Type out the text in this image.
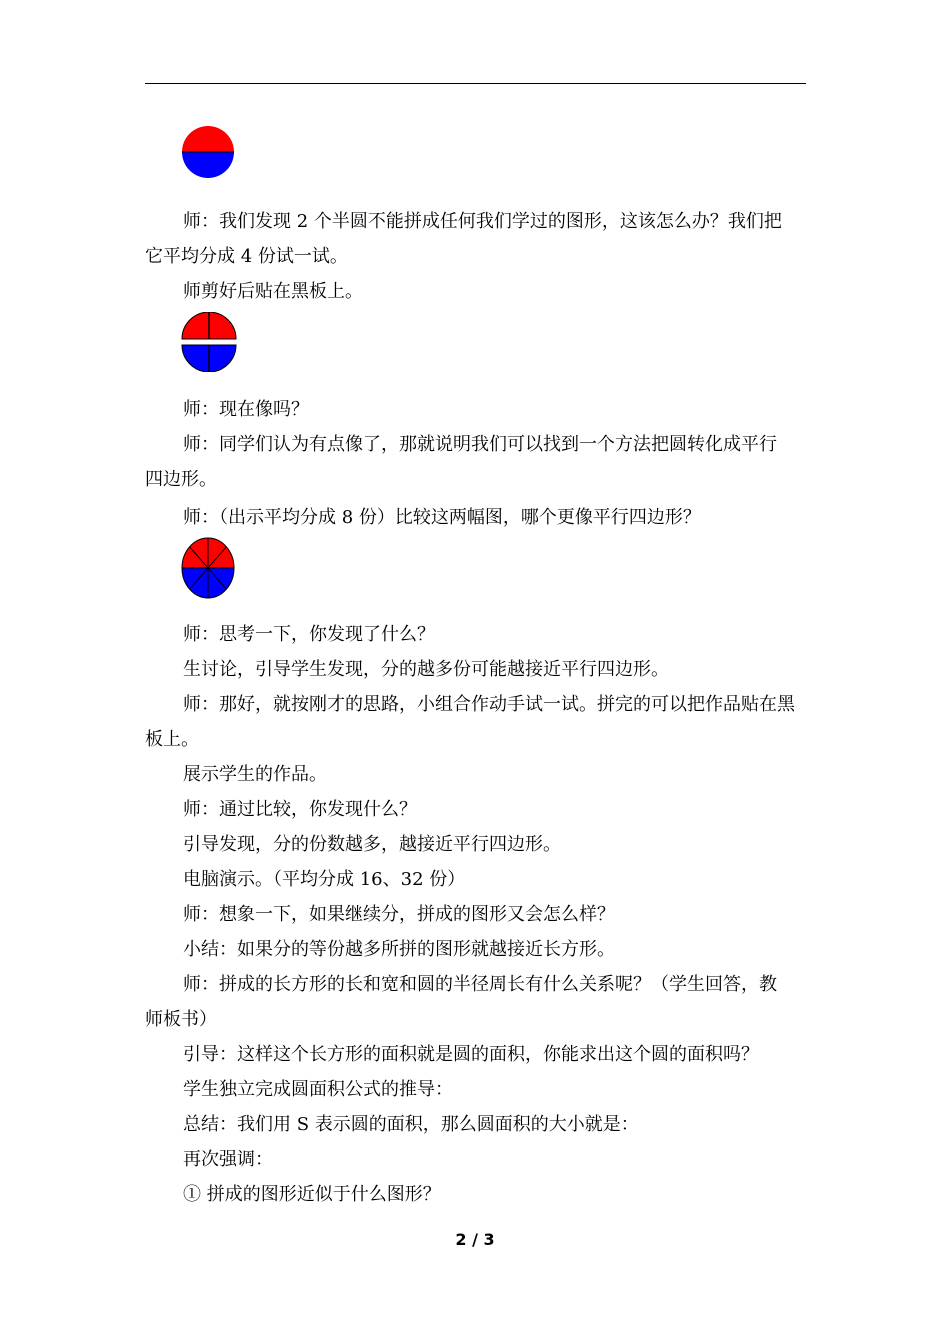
师：我们发现 2 个半圆不能拼成任何我们学过的图形，这该怎么办？我们把
它平均分成 4 份试一试。
师剪好后贴在黑板上。
师：现在像吗？
师：同学们认为有点像了，那就说明我们可以找到一个方法把圆转化成平行
四边形。
师：（出示平均分成 8 份）比较这两幅图，哪个更像平行四边形？
师：思考一下，你发现了什么？
生讨论，引导学生发现，分的越多份可能越接近平行四边形。
师：那好，就按刚才的思路，小组合作动手试一试。拼完的可以把作品贴在黑
板上。
展示学生的作品。
师：通过比较，你发现什么？
引导发现，分的份数越多，越接近平行四边形。
电脑演示。（平均分成 16、32 份）
师：想象一下，如果继续分，拼成的图形又会怎么样？
小结：如果分的等份越多所拼的图形就越接近长方形。
师：拼成的长方形的长和宽和圆的半径周长有什么关系呢？（学生回答，教
师板书）
引导：这样这个长方形的面积就是圆的面积，你能求出这个圆的面积吗？
学生独立完成圆面积公式的推导：
总结：我们用 S 表示圆的面积，那么圆面积的大小就是：
再次强调：
① 拼成的图形近似于什么图形？
2 / 3
